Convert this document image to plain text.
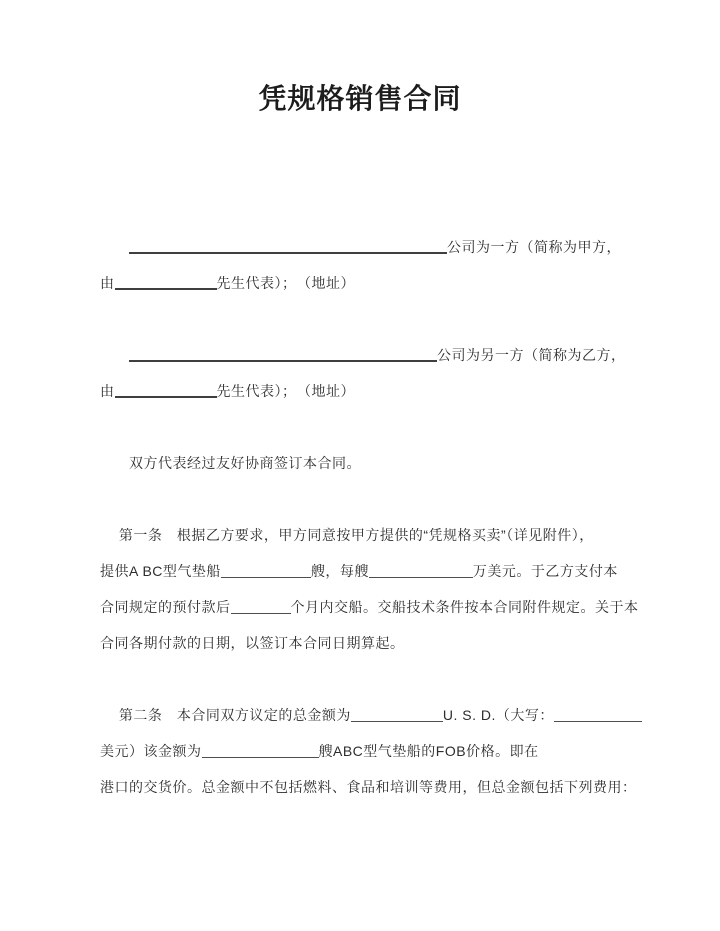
凭规格销售合同
　　公司为一方（简称为甲方，
由	先生代表）；　（地址）
　　公司为另一方（简称为乙方，
由	先生代表）；　（地址）
　　双方代表经过友好协商签订本合同。
　 第一条　根据乙方要求，甲方同意按甲方提供的“凭规格买卖”（详见附件），
提供A BC型气垫船	艘，每艘	万美元。于乙方支付本
合同规定的预付款后	个月内交船。交船技术条件按本合同附件规定。关于本
合同各期付款的日期，以签订本合同日期算起。
　 第二条　本合同双方议定的总金额为	U. S. D.（大写：
美元）该金额为	艘ABC型气垫船的FOB价格。即在
港口的交货价。总金额中不包括燃料、食品和培训等费用，但总金额包括下列费用：
